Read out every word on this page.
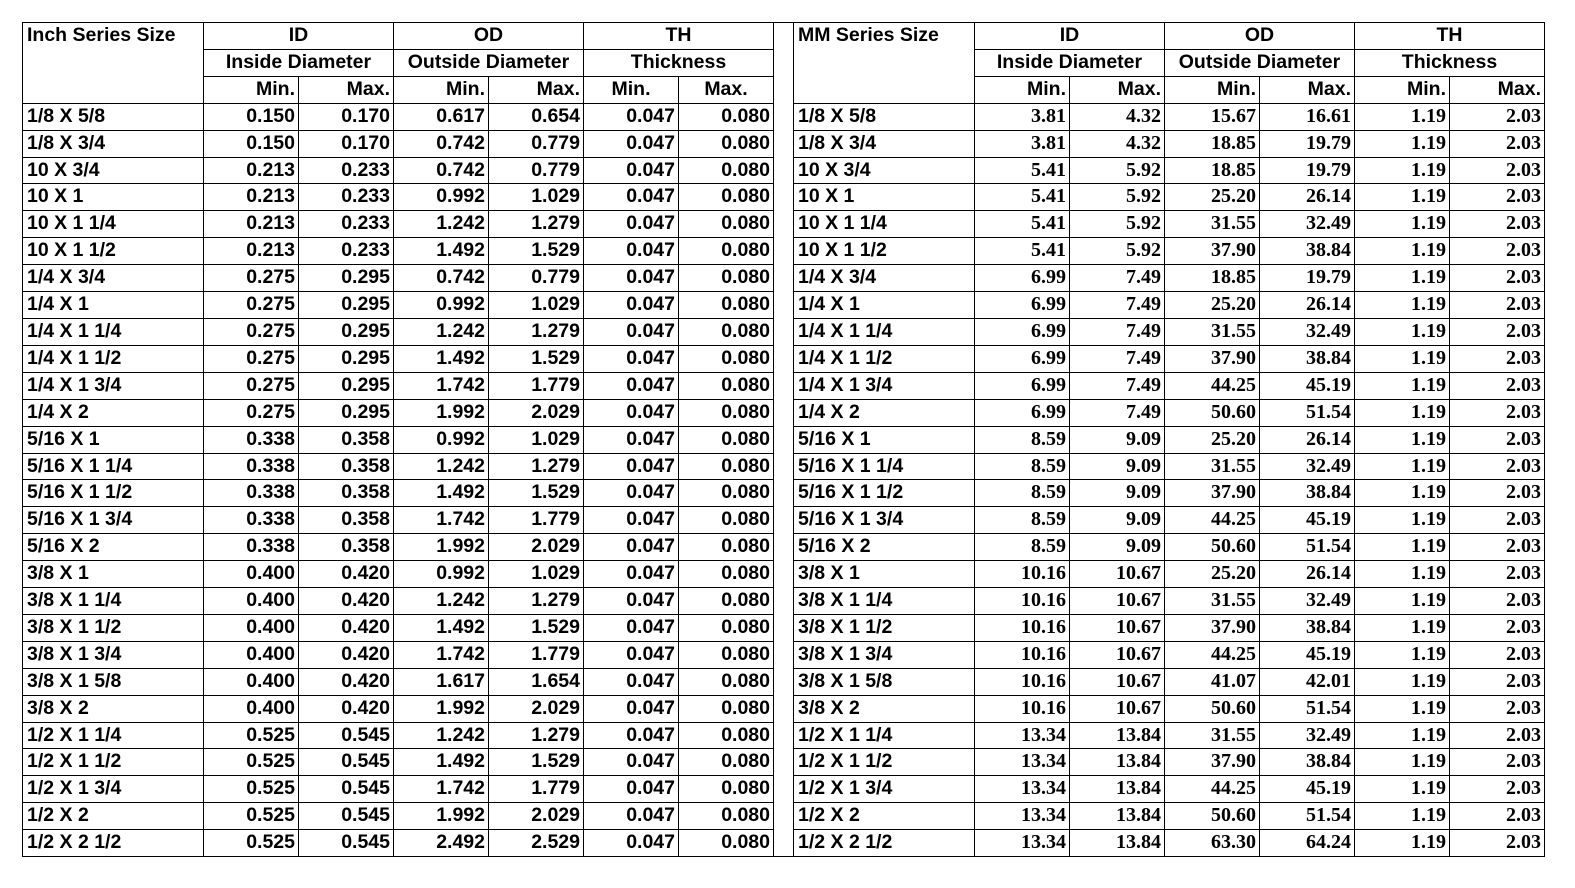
Inch Series Size	ID		OD		TH	
	Inside Diameter		Outside Diameter		Thickness	
	Min.	Max.	Min.	Max.	Min.	Max.
1/8 X 5/8	0.150	0.170	0.617	0.654	0.047	0.080
1/8 X 3/4	0.150	0.170	0.742	0.779	0.047	0.080
10 X 3/4	0.213	0.233	0.742	0.779	0.047	0.080
10 X 1	0.213	0.233	0.992	1.029	0.047	0.080
10 X 1 1/4	0.213	0.233	1.242	1.279	0.047	0.080
10 X 1 1/2	0.213	0.233	1.492	1.529	0.047	0.080
1/4 X 3/4	0.275	0.295	0.742	0.779	0.047	0.080
1/4 X 1	0.275	0.295	0.992	1.029	0.047	0.080
1/4 X 1 1/4	0.275	0.295	1.242	1.279	0.047	0.080
1/4 X 1 1/2	0.275	0.295	1.492	1.529	0.047	0.080
1/4 X 1 3/4	0.275	0.295	1.742	1.779	0.047	0.080
1/4 X 2	0.275	0.295	1.992	2.029	0.047	0.080
5/16 X 1	0.338	0.358	0.992	1.029	0.047	0.080
5/16 X 1 1/4	0.338	0.358	1.242	1.279	0.047	0.080
5/16 X 1 1/2	0.338	0.358	1.492	1.529	0.047	0.080
5/16 X 1 3/4	0.338	0.358	1.742	1.779	0.047	0.080
5/16 X 2	0.338	0.358	1.992	2.029	0.047	0.080
3/8 X 1	0.400	0.420	0.992	1.029	0.047	0.080
3/8 X 1 1/4	0.400	0.420	1.242	1.279	0.047	0.080
3/8 X 1 1/2	0.400	0.420	1.492	1.529	0.047	0.080
3/8 X 1 3/4	0.400	0.420	1.742	1.779	0.047	0.080
3/8 X 1 5/8	0.400	0.420	1.617	1.654	0.047	0.080
3/8 X 2	0.400	0.420	1.992	2.029	0.047	0.080
1/2 X 1 1/4	0.525	0.545	1.242	1.279	0.047	0.080
1/2 X 1 1/2	0.525	0.545	1.492	1.529	0.047	0.080
1/2 X 1 3/4	0.525	0.545	1.742	1.779	0.047	0.080
1/2 X 2	0.525	0.545	1.992	2.029	0.047	0.080
1/2 X 2 1/2	0.525	0.545	2.492	2.529	0.047	0.080
MM Series Size	ID		OD		TH	
	Inside Diameter		Outside Diameter		Thickness	
	Min.	Max.	Min.	Max.	Min.	Max.
1/8 X 5/8	3.81	4.32	15.67	16.61	1.19	2.03
1/8 X 3/4	3.81	4.32	18.85	19.79	1.19	2.03
10 X 3/4	5.41	5.92	18.85	19.79	1.19	2.03
10 X 1	5.41	5.92	25.20	26.14	1.19	2.03
10 X 1 1/4	5.41	5.92	31.55	32.49	1.19	2.03
10 X 1 1/2	5.41	5.92	37.90	38.84	1.19	2.03
1/4 X 3/4	6.99	7.49	18.85	19.79	1.19	2.03
1/4 X 1	6.99	7.49	25.20	26.14	1.19	2.03
1/4 X 1 1/4	6.99	7.49	31.55	32.49	1.19	2.03
1/4 X 1 1/2	6.99	7.49	37.90	38.84	1.19	2.03
1/4 X 1 3/4	6.99	7.49	44.25	45.19	1.19	2.03
1/4 X 2	6.99	7.49	50.60	51.54	1.19	2.03
5/16 X 1	8.59	9.09	25.20	26.14	1.19	2.03
5/16 X 1 1/4	8.59	9.09	31.55	32.49	1.19	2.03
5/16 X 1 1/2	8.59	9.09	37.90	38.84	1.19	2.03
5/16 X 1 3/4	8.59	9.09	44.25	45.19	1.19	2.03
5/16 X 2	8.59	9.09	50.60	51.54	1.19	2.03
3/8 X 1	10.16	10.67	25.20	26.14	1.19	2.03
3/8 X 1 1/4	10.16	10.67	31.55	32.49	1.19	2.03
3/8 X 1 1/2	10.16	10.67	37.90	38.84	1.19	2.03
3/8 X 1 3/4	10.16	10.67	44.25	45.19	1.19	2.03
3/8 X 1 5/8	10.16	10.67	41.07	42.01	1.19	2.03
3/8 X 2	10.16	10.67	50.60	51.54	1.19	2.03
1/2 X 1 1/4	13.34	13.84	31.55	32.49	1.19	2.03
1/2 X 1 1/2	13.34	13.84	37.90	38.84	1.19	2.03
1/2 X 1 3/4	13.34	13.84	44.25	45.19	1.19	2.03
1/2 X 2	13.34	13.84	50.60	51.54	1.19	2.03
1/2 X 2 1/2	13.34	13.84	63.30	64.24	1.19	2.03
